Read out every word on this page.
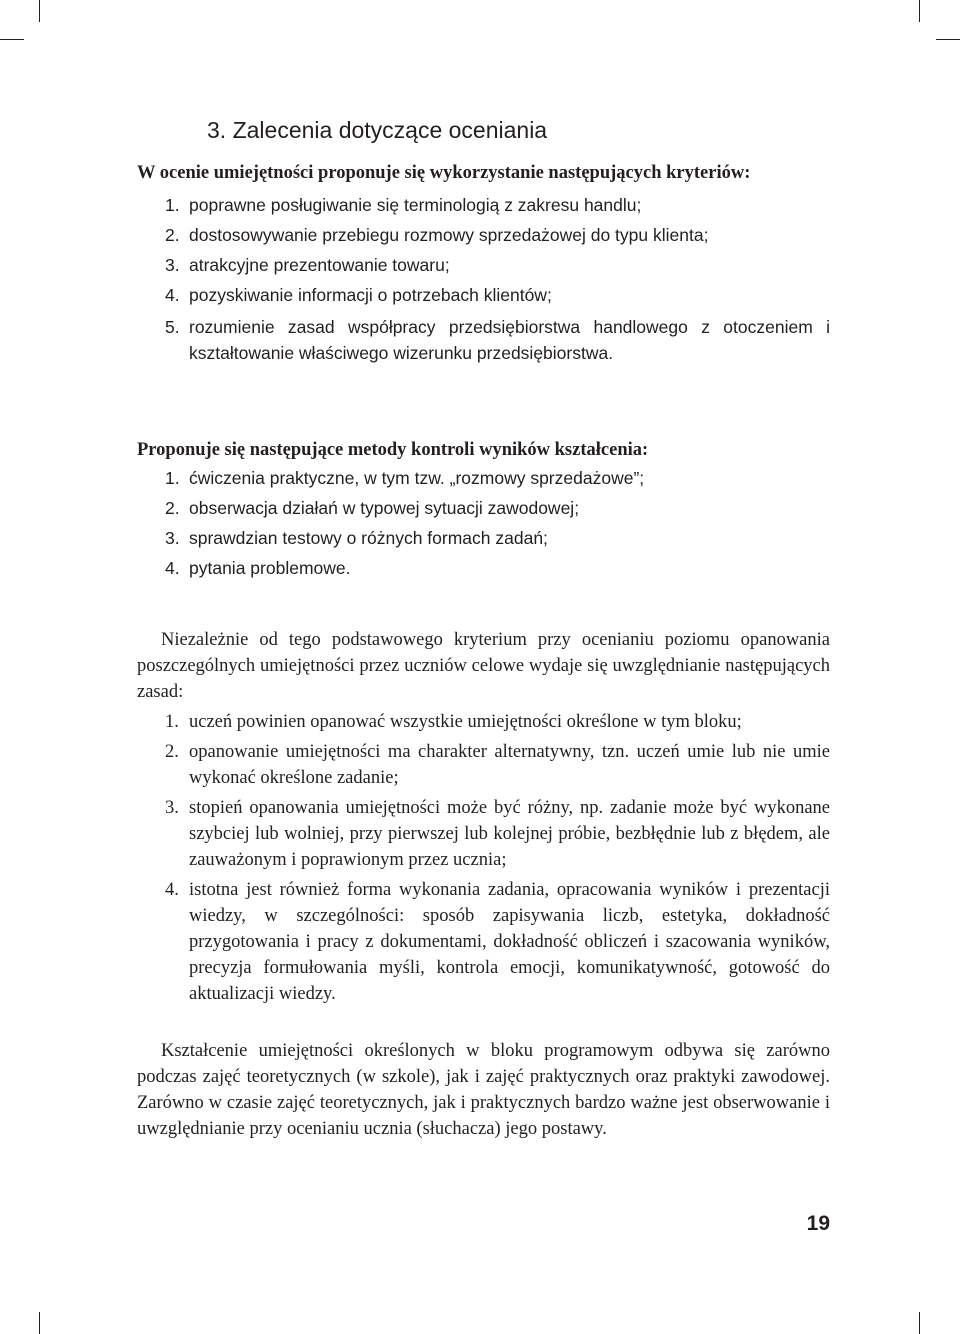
3. Zalecenia dotyczące oceniania

W ocenie umiejętności proponuje się wykorzystanie następujących kryteriów:

1. poprawne posługiwanie się terminologią z zakresu handlu;
2. dostosowywanie przebiegu rozmowy sprzedażowej do typu klienta;
3. atrakcyjne prezentowanie towaru;
4. pozyskiwanie informacji o potrzebach klientów;
5. rozumienie zasad współpracy przedsiębiorstwa handlowego z otoczeniem i kształtowanie właściwego wizerunku przedsiębiorstwa.

Proponuje się następujące metody kontroli wyników kształcenia:

1. ćwiczenia praktyczne, w tym tzw. „rozmowy sprzedażowe”;
2. obserwacja działań w typowej sytuacji zawodowej;
3. sprawdzian testowy o różnych formach zadań;
4. pytania problemowe.

Niezależnie od tego podstawowego kryterium przy ocenianiu poziomu opanowania poszczególnych umiejętności przez uczniów celowe wydaje się uwzględnianie następujących zasad:

1. uczeń powinien opanować wszystkie umiejętności określone w tym bloku;
2. opanowanie umiejętności ma charakter alternatywny, tzn. uczeń umie lub nie umie wykonać określone zadanie;
3. stopień opanowania umiejętności może być różny, np. zadanie może być wykonane szybciej lub wolniej, przy pierwszej lub kolejnej próbie, bezbłędnie lub z błędem, ale zauważonym i poprawionym przez ucznia;
4. istotna jest również forma wykonania zadania, opracowania wyników i prezentacji wiedzy, w szczególności: sposób zapisywania liczb, estetyka, dokładność przygotowania i pracy z dokumentami, dokładność obliczeń i szacowania wyników, precyzja formułowania myśli, kontrola emocji, komunikatywność, gotowość do aktualizacji wiedzy.

Kształcenie umiejętności określonych w bloku programowym odbywa się zarówno podczas zajęć teoretycznych (w szkole), jak i zajęć praktycznych oraz praktyki zawodowej. Zarówno w czasie zajęć teoretycznych, jak i praktycznych bardzo ważne jest obserwowanie i uwzględnianie przy ocenianiu ucznia (słuchacza) jego postawy.

19
